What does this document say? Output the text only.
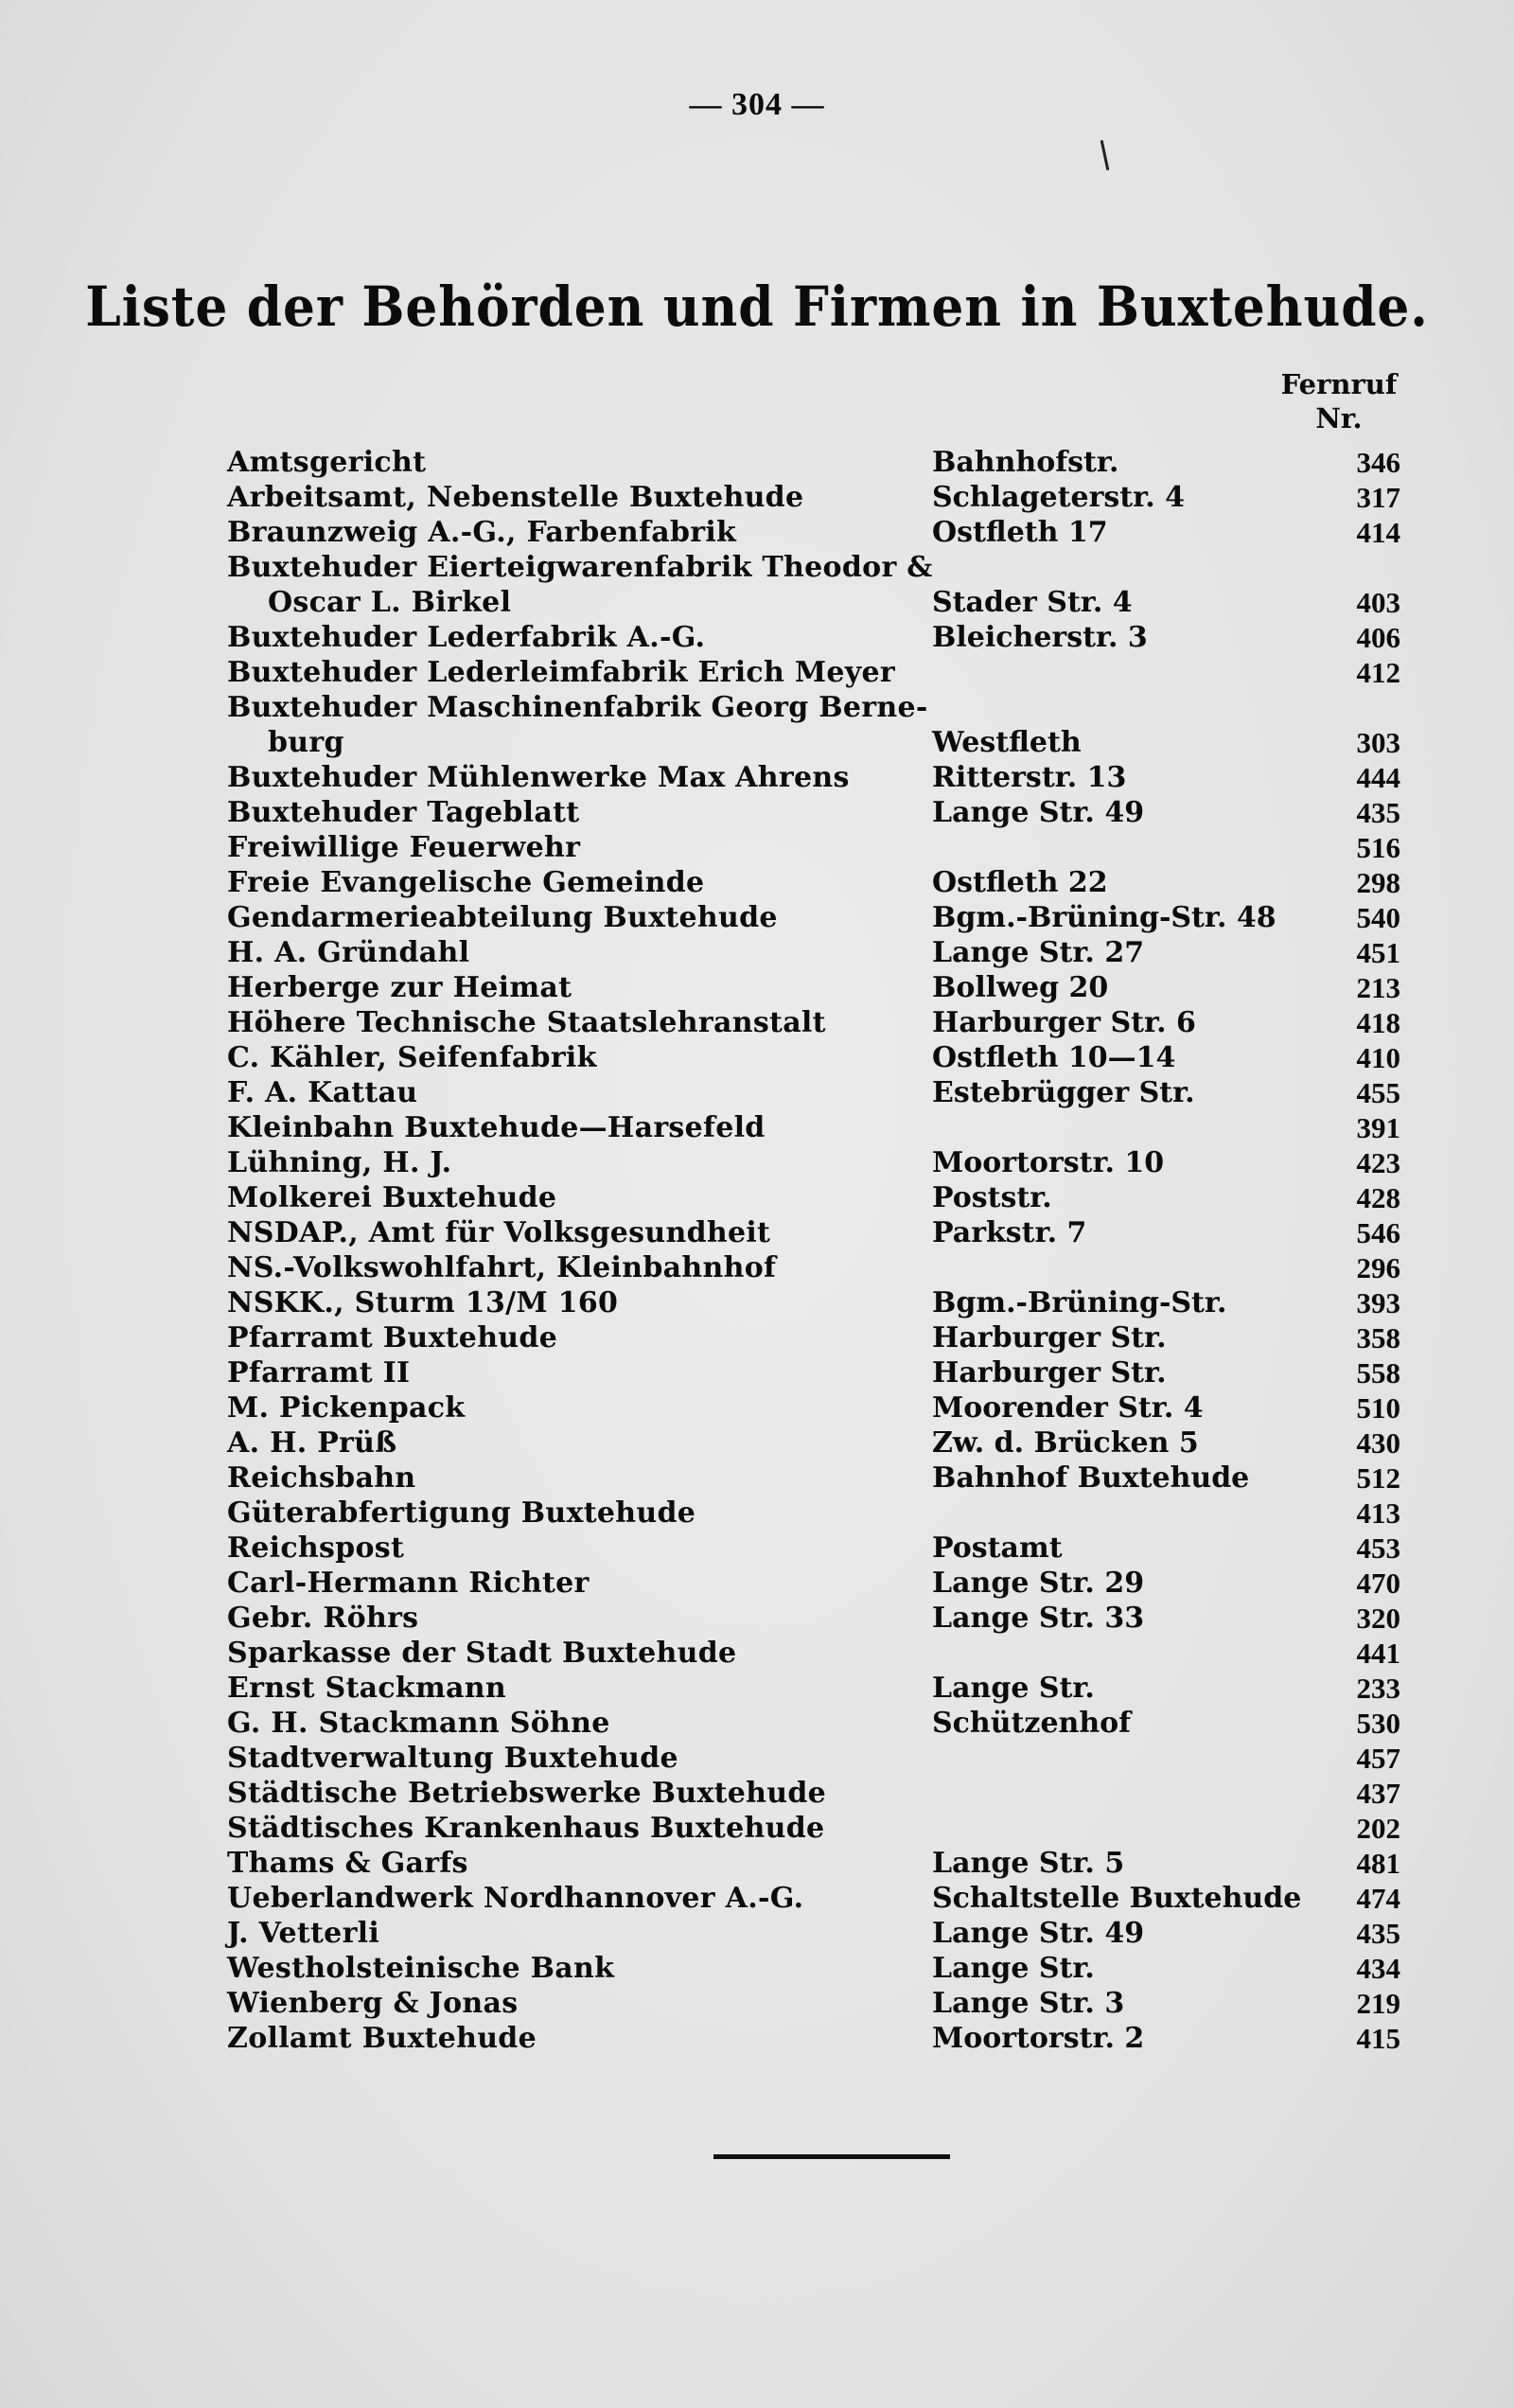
— 304 —
Liste der Behörden und Firmen in Buxtehude.
Fernruf
Nr.
Amtsgericht	Bahnhofstr.	346
Arbeitsamt, Nebenstelle Buxtehude	Schlageterstr. 4	317
Braunzweig A.-G., Farbenfabrik	Ostfleth 17	414
Buxtehuder Eierteigwarenfabrik Theodor &
Oscar L. Birkel	Stader Str. 4	403
Buxtehuder Lederfabrik A.-G.	Bleicherstr. 3	406
Buxtehuder Lederleimfabrik Erich Meyer	412
Buxtehuder Maschinenfabrik Georg Berne-
burg	Westfleth	303
Buxtehuder Mühlenwerke Max Ahrens	Ritterstr. 13	444
Buxtehuder Tageblatt	Lange Str. 49	435
Freiwillige Feuerwehr	516
Freie Evangelische Gemeinde	Ostfleth 22	298
Gendarmerieabteilung Buxtehude	Bgm.-Brüning-Str. 48	540
H. A. Gründahl	Lange Str. 27	451
Herberge zur Heimat	Bollweg 20	213
Höhere Technische Staatslehranstalt	Harburger Str. 6	418
C. Kähler, Seifenfabrik	Ostfleth 10—14	410
F. A. Kattau	Estebrügger Str.	455
Kleinbahn Buxtehude—Harsefeld	391
Lühning, H. J.	Moortorstr. 10	423
Molkerei Buxtehude	Poststr.	428
NSDAP., Amt für Volksgesundheit	Parkstr. 7	546
NS.-Volkswohlfahrt, Kleinbahnhof	296
NSKK., Sturm 13/M 160	Bgm.-Brüning-Str.	393
Pfarramt Buxtehude	Harburger Str.	358
Pfarramt II	Harburger Str.	558
M. Pickenpack	Moorender Str. 4	510
A. H. Prüß	Zw. d. Brücken 5	430
Reichsbahn	Bahnhof Buxtehude	512
Güterabfertigung Buxtehude	413
Reichspost	Postamt	453
Carl-Hermann Richter	Lange Str. 29	470
Gebr. Röhrs	Lange Str. 33	320
Sparkasse der Stadt Buxtehude	441
Ernst Stackmann	Lange Str.	233
G. H. Stackmann Söhne	Schützenhof	530
Stadtverwaltung Buxtehude	457
Städtische Betriebswerke Buxtehude	437
Städtisches Krankenhaus Buxtehude	202
Thams & Garfs	Lange Str. 5	481
Ueberlandwerk Nordhannover A.-G.	Schaltstelle Buxtehude	474
J. Vetterli	Lange Str. 49	435
Westholsteinische Bank	Lange Str.	434
Wienberg & Jonas	Lange Str. 3	219
Zollamt Buxtehude	Moortorstr. 2	415
